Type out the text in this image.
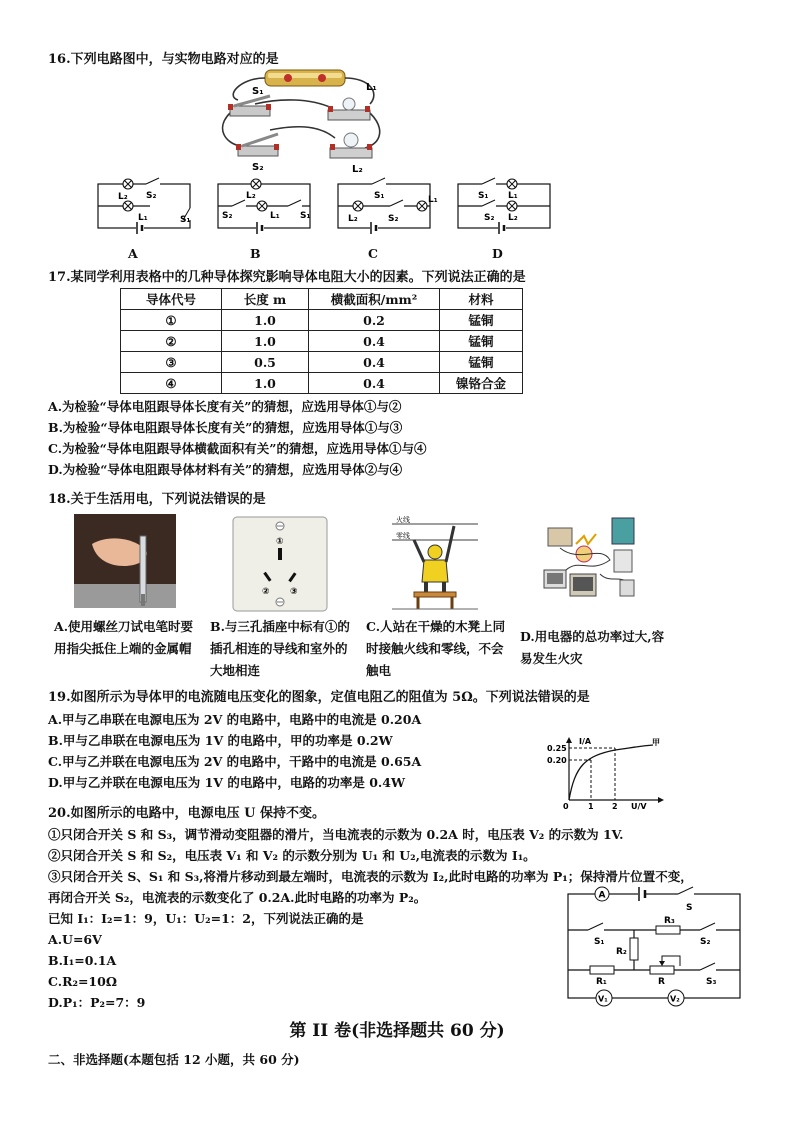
16.下列电路图中，与实物电路对应的是
S₁	L₁
S₂	L₂
L₂ S₂
L₁	S₁
A
S₂
L₂
L₁ S₁
B
S₁
L₂	S₂
L₁
C
S₁ L₁
S₂ L₂
D
17.某同学利用表格中的几种导体探究影响导体电阻大小的因素。下列说法正确的是
导体代号	长度 m	横截面积/mm²	材料
①	1.0	0.2	锰铜
②	1.0	0.4	锰铜
③	0.5	0.4	锰铜
④	1.0	0.4	镍铬合金
A.为检验“导体电阻跟导体长度有关”的猜想，应选用导体①与②
B.为检验“导体电阻跟导体长度有关”的猜想，应选用导体①与③
C.为检验“导体电阻跟导体横截面积有关”的猜想，应选用导体①与④
D.为检验“导体电阻跟导体材料有关”的猜想，应选用导体②与④
18.关于生活用电，下列说法错误的是
①
② ③
火线
零线
A.使用螺丝刀试电笔时要用指尖抵住上端的金属帽
B.与三孔插座中标有①的插孔相连的导线和室外的大地相连
C.人站在干燥的木凳上同时接触火线和零线，不会触电
D.用电器的总功率过大,容易发生火灾
19.如图所示为导体甲的电流随电压变化的图象，定值电阻乙的阻值为 5Ω。下列说法错误的是
A.甲与乙串联在电源电压为 2V 的电路中，电路中的电流是 0.20A
B.甲与乙串联在电源电压为 1V 的电路中，甲的功率是 0.2W
C.甲与乙并联在电源电压为 2V 的电路中，干路中的电流是 0.65A
D.甲与乙并联在电源电压为 1V 的电路中，电路的功率是 0.4W
I/A
0.25
0.20
0 1 2 U/V
甲
20.如图所示的电路中，电源电压 U 保持不变。
①只闭合开关 S 和 S₃，调节滑动变阻器的滑片，当电流表的示数为 0.2A 时，电压表 V₂ 的示数为 1V.
②只闭合开关 S 和 S₂，电压表 V₁ 和 V₂ 的示数分别为 U₁ 和 U₂,电流表的示数为 I₁。
③只闭合开关 S、S₁ 和 S₃,将滑片移动到最左端时，电流表的示数为 I₂,此时电路的功率为 P₁；保持滑片位置不变，
再闭合开关 S₂，电流表的示数变化了 0.2A.此时电路的功率为 P₂。
已知 I₁：I₂=1：9，U₁：U₂=1：2，下列说法正确的是
A.U=6V
B.I₁=0.1A
C.R₂=10Ω
D.P₁：P₂=7：9
A
S
S₁
R₂
R₃
S₂
R₁	R	S₃
V₁	V₂
第 II 卷(非选择题共 60 分)
二、非选择题(本题包括 12 小题，共 60 分)
